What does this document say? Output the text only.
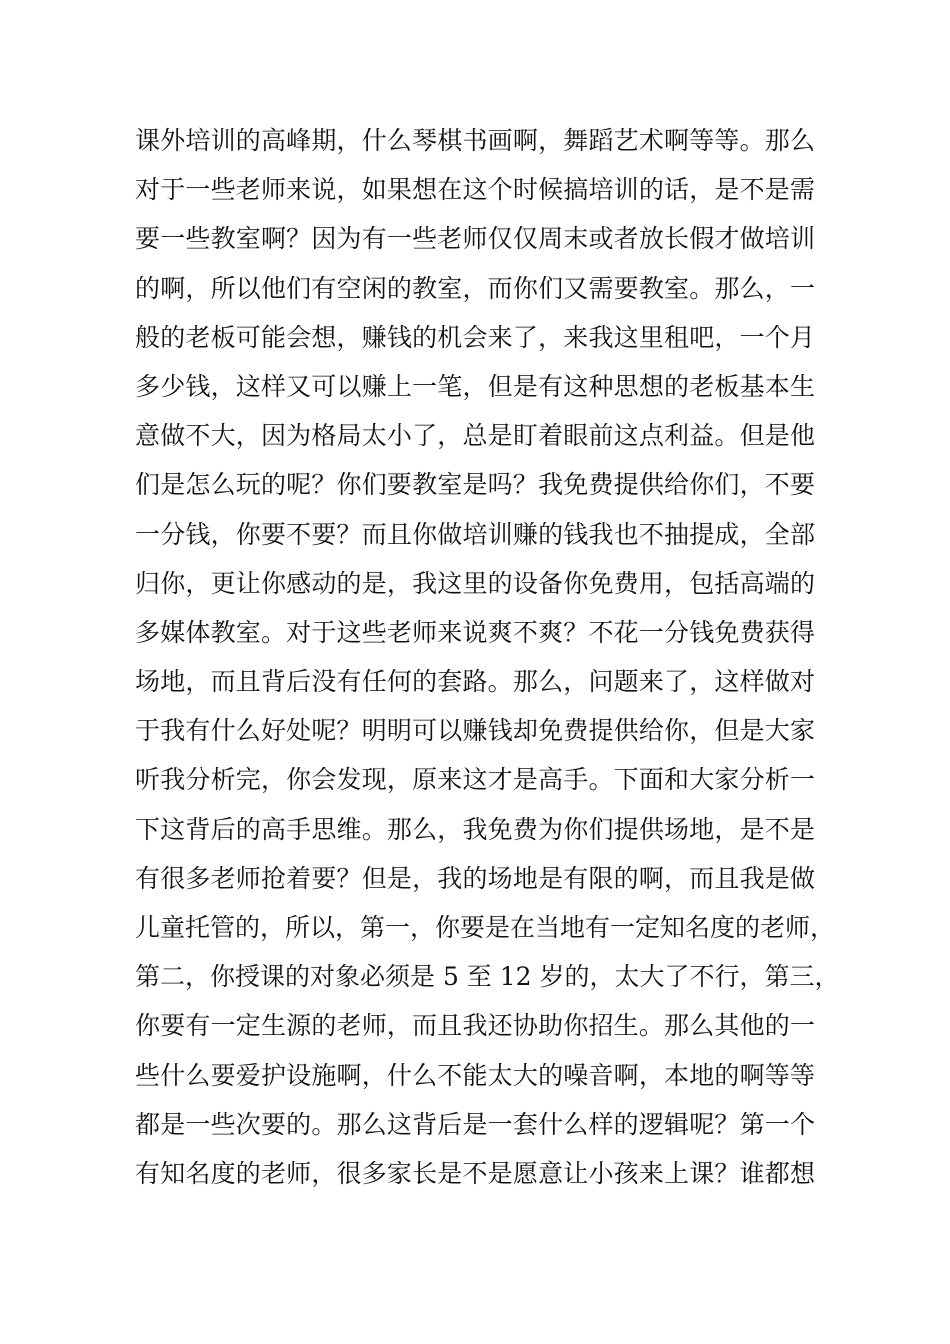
课外培训的高峰期，什么琴棋书画啊，舞蹈艺术啊等等。那么
对于一些老师来说，如果想在这个时候搞培训的话，是不是需
要一些教室啊？因为有一些老师仅仅周末或者放长假才做培训
的啊，所以他们有空闲的教室，而你们又需要教室。那么，一
般的老板可能会想，赚钱的机会来了，来我这里租吧，一个月
多少钱，这样又可以赚上一笔，但是有这种思想的老板基本生
意做不大，因为格局太小了，总是盯着眼前这点利益。但是他
们是怎么玩的呢？你们要教室是吗？我免费提供给你们，不要
一分钱，你要不要？而且你做培训赚的钱我也不抽提成，全部
归你，更让你感动的是，我这里的设备你免费用，包括高端的
多媒体教室。对于这些老师来说爽不爽？不花一分钱免费获得
场地，而且背后没有任何的套路。那么，问题来了，这样做对
于我有什么好处呢？明明可以赚钱却免费提供给你，但是大家
听我分析完，你会发现，原来这才是高手。下面和大家分析一
下这背后的高手思维。那么，我免费为你们提供场地，是不是
有很多老师抢着要？但是，我的场地是有限的啊，而且我是做
儿童托管的，所以，第一，你要是在当地有一定知名度的老师，
第二，你授课的对象必须是 5 至 12 岁的，太大了不行，第三，
你要有一定生源的老师，而且我还协助你招生。那么其他的一
些什么要爱护设施啊，什么不能太大的噪音啊，本地的啊等等
都是一些次要的。那么这背后是一套什么样的逻辑呢？第一个
有知名度的老师，很多家长是不是愿意让小孩来上课？谁都想
